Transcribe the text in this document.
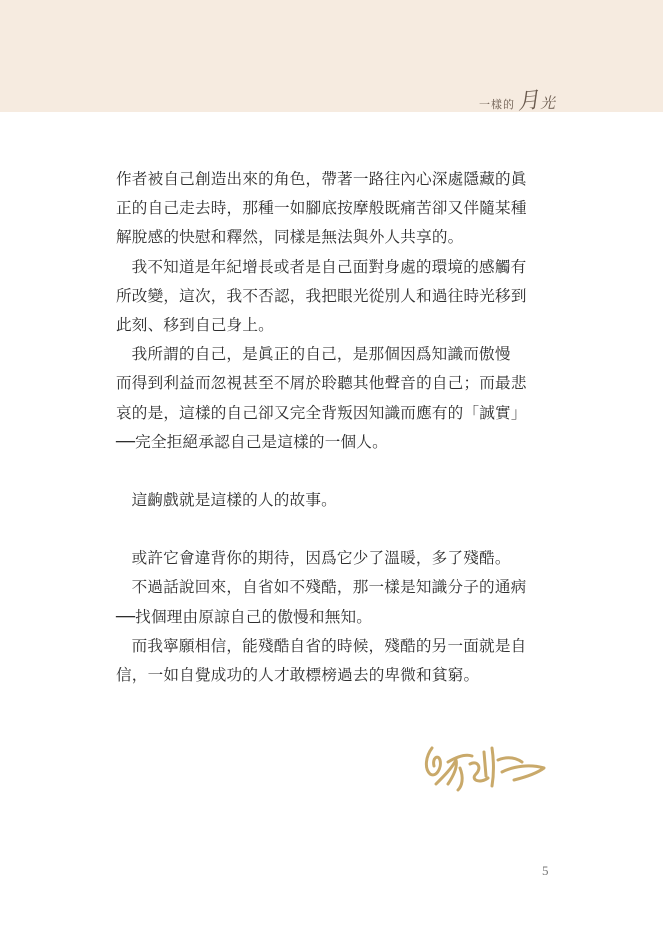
一樣的 月 光

作者被自己創造出來的角色，帶著一路往內心深處隱藏的眞

正的自己走去時，那種一如腳底按摩般既痛苦卻又伴隨某種

解脫感的快慰和釋然，同樣是無法與外人共享的。

我不知道是年紀增長或者是自己面對身處的環境的感觸有

所改變，這次，我不否認，我把眼光從別人和過往時光移到

此刻、移到自己身上。

我所謂的自己，是眞正的自己，是那個因爲知識而傲慢

而得到利益而忽視甚至不屑於聆聽其他聲音的自己；而最悲

哀的是，這樣的自己卻又完全背叛因知識而應有的「誠實」

──完全拒絕承認自己是這樣的一個人。

這齣戲就是這樣的人的故事。

或許它會違背你的期待，因爲它少了溫暖，多了殘酷。

不過話說回來，自省如不殘酷，那一樣是知識分子的通病

──找個理由原諒自己的傲慢和無知。

而我寧願相信，能殘酷自省的時候，殘酷的另一面就是自

信，一如自覺成功的人才敢標榜過去的卑微和貧窮。

5
